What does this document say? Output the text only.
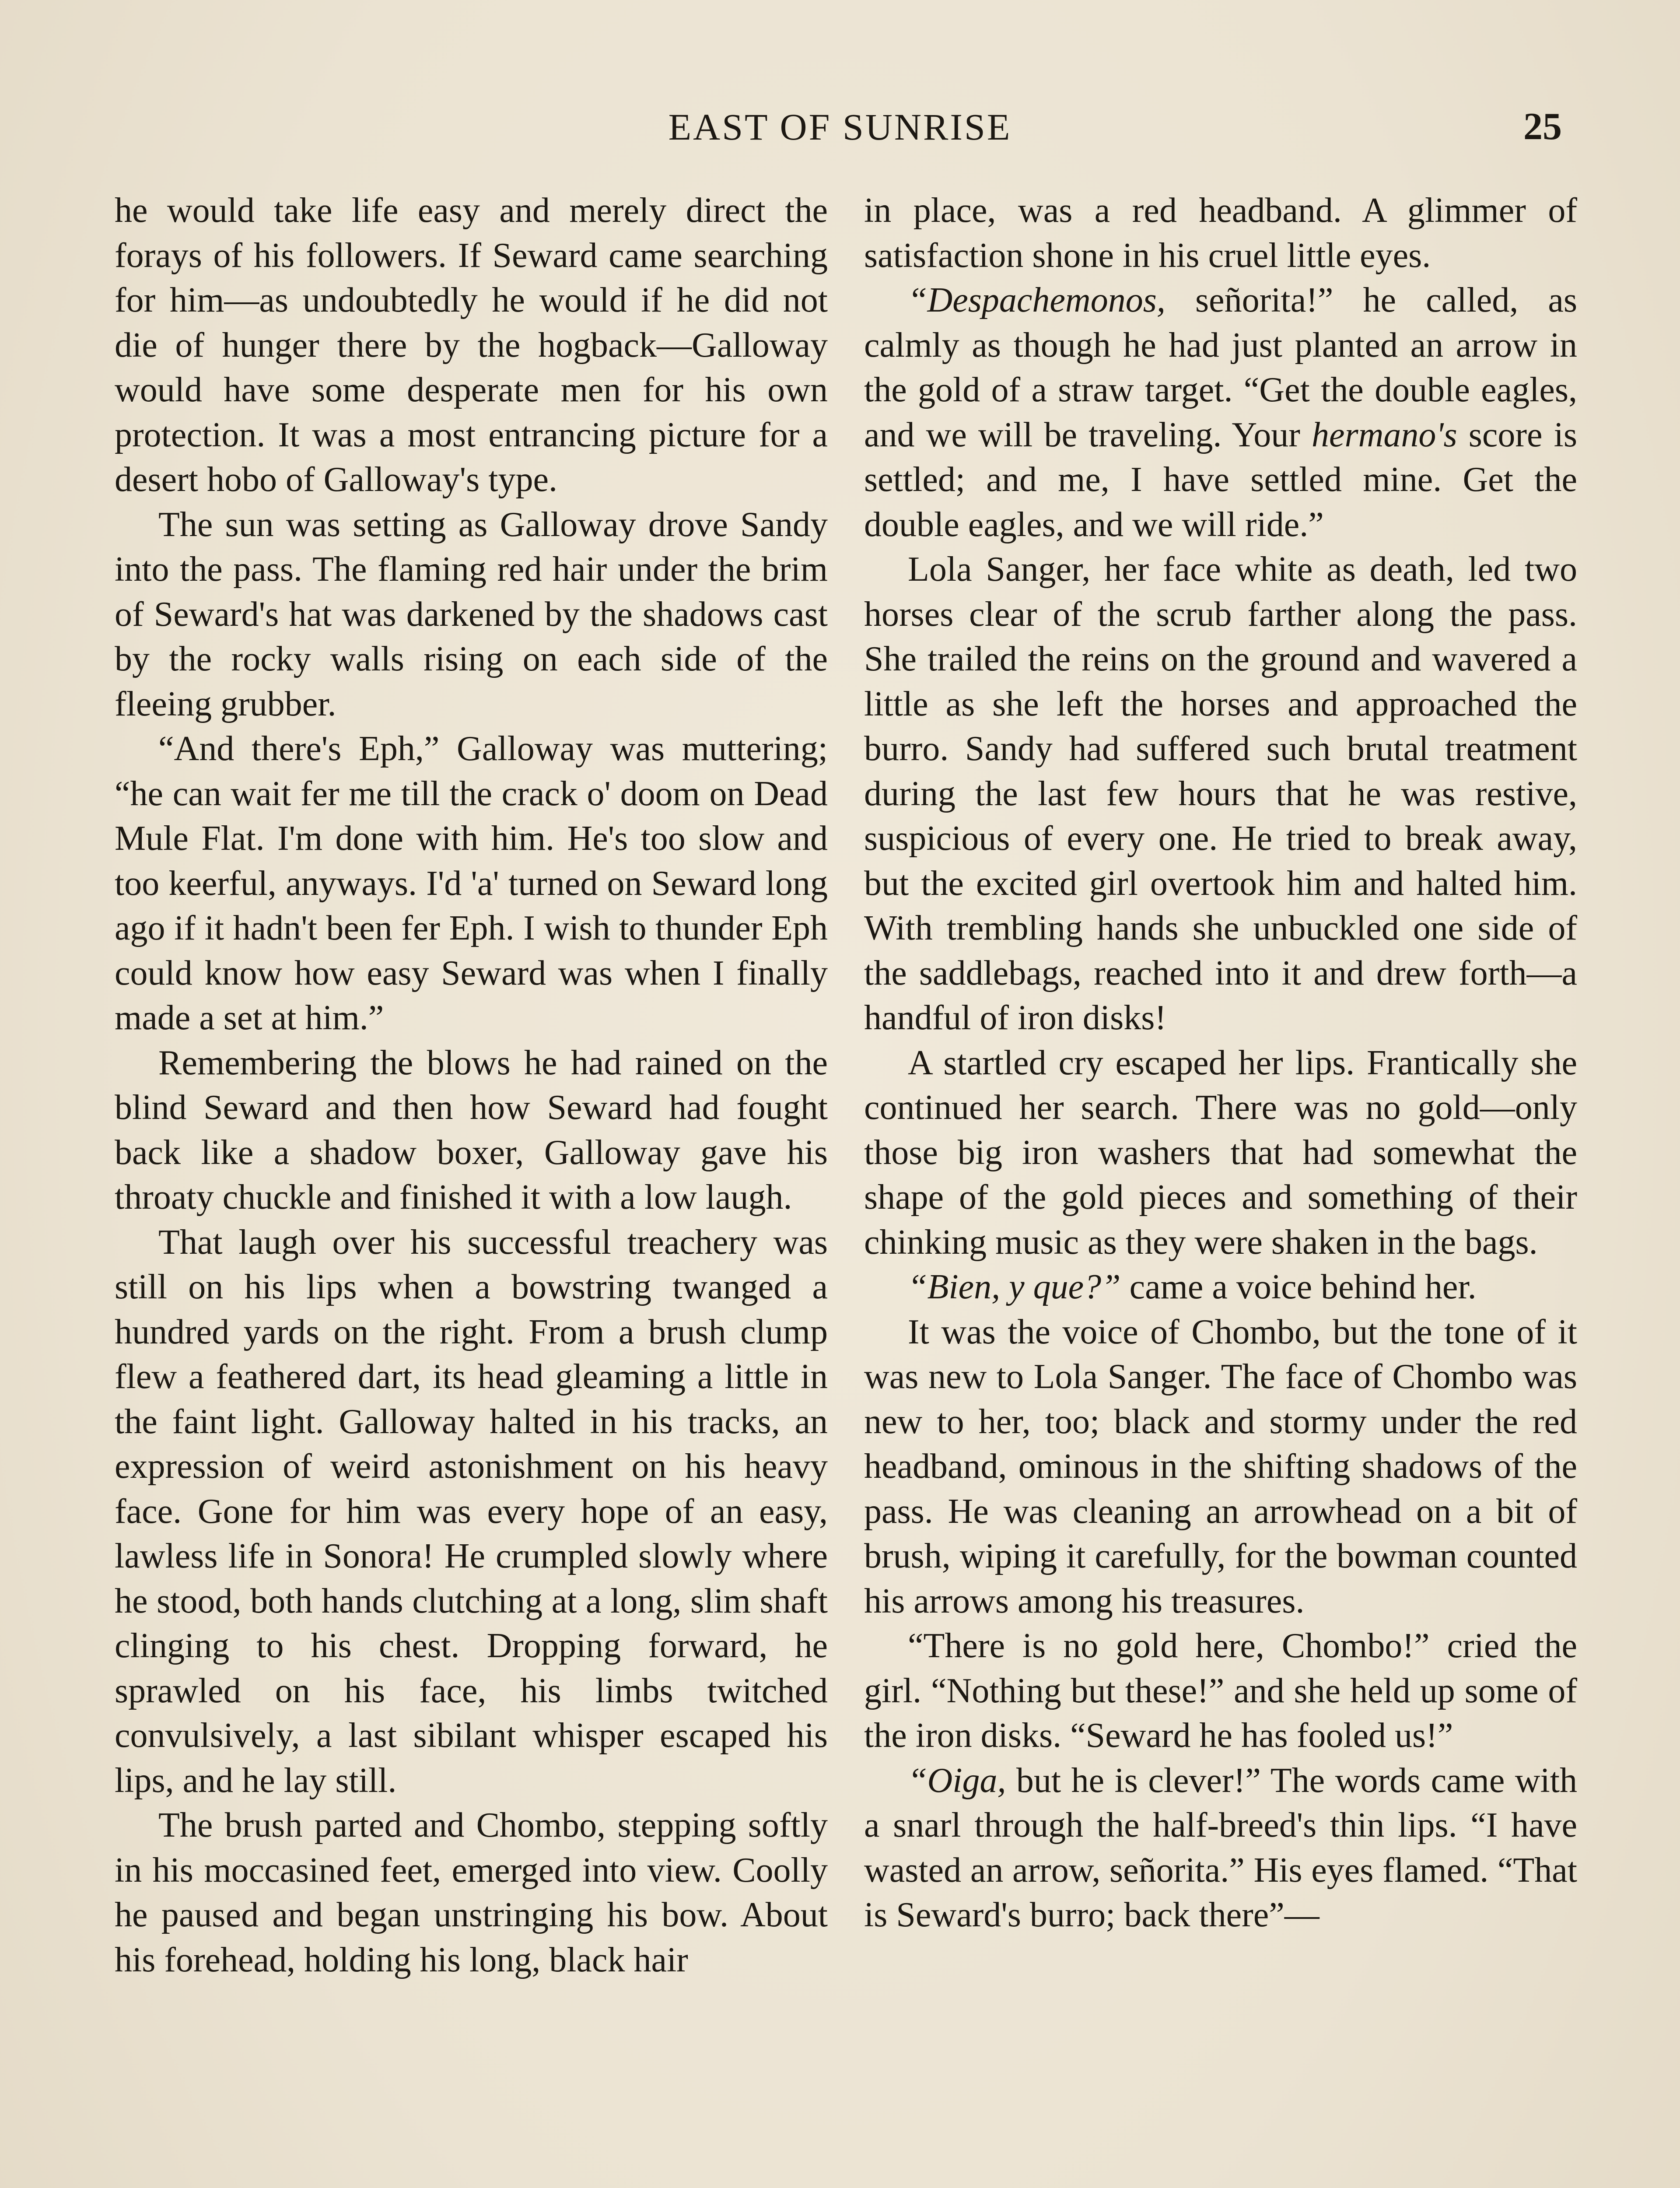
EAST OF SUNRISE	25

he would take life easy and merely direct the forays of his followers. If Seward came searching for him—as undoubtedly he would if he did not die of hunger there by the hogback—Galloway would have some desperate men for his own protection. It was a most entrancing picture for a desert hobo of Galloway's type.

The sun was setting as Galloway drove Sandy into the pass. The flaming red hair under the brim of Seward's hat was darkened by the shadows cast by the rocky walls rising on each side of the fleeing grubber.

“And there's Eph,” Galloway was muttering; “he can wait fer me till the crack o' doom on Dead Mule Flat. I'm done with him. He's too slow and too keerful, anyways. I'd 'a' turned on Seward long ago if it hadn't been fer Eph. I wish to thunder Eph could know how easy Seward was when I finally made a set at him.”

Remembering the blows he had rained on the blind Seward and then how Seward had fought back like a shadow boxer, Galloway gave his throaty chuckle and finished it with a low laugh.

That laugh over his successful treachery was still on his lips when a bowstring twanged a hundred yards on the right. From a brush clump flew a feathered dart, its head gleaming a little in the faint light. Galloway halted in his tracks, an expression of weird astonishment on his heavy face. Gone for him was every hope of an easy, lawless life in Sonora! He crumpled slowly where he stood, both hands clutching at a long, slim shaft clinging to his chest. Dropping forward, he sprawled on his face, his limbs twitched convulsively, a last sibilant whisper escaped his lips, and he lay still.

The brush parted and Chombo, stepping softly in his moccasined feet, emerged into view. Coolly he paused and began unstringing his bow. About his forehead, holding his long, black hair

in place, was a red headband. A glimmer of satisfaction shone in his cruel little eyes.

“Despachemonos, señorita!” he called, as calmly as though he had just planted an arrow in the gold of a straw target. “Get the double eagles, and we will be traveling. Your hermano's score is settled; and me, I have settled mine. Get the double eagles, and we will ride.”

Lola Sanger, her face white as death, led two horses clear of the scrub farther along the pass. She trailed the reins on the ground and wavered a little as she left the horses and approached the burro. Sandy had suffered such brutal treatment during the last few hours that he was restive, suspicious of every one. He tried to break away, but the excited girl overtook him and halted him. With trembling hands she unbuckled one side of the saddlebags, reached into it and drew forth—a handful of iron disks!

A startled cry escaped her lips. Frantically she continued her search. There was no gold—only those big iron washers that had somewhat the shape of the gold pieces and something of their chinking music as they were shaken in the bags.

“Bien, y que?” came a voice behind her.

It was the voice of Chombo, but the tone of it was new to Lola Sanger. The face of Chombo was new to her, too; black and stormy under the red headband, ominous in the shifting shadows of the pass. He was cleaning an arrowhead on a bit of brush, wiping it carefully, for the bowman counted his arrows among his treasures.

“There is no gold here, Chombo!” cried the girl. “Nothing but these!” and she held up some of the iron disks. “Seward he has fooled us!”

“Oiga, but he is clever!” The words came with a snarl through the half-breed's thin lips. “I have wasted an arrow, señorita.” His eyes flamed. “That is Seward's burro; back there”—
